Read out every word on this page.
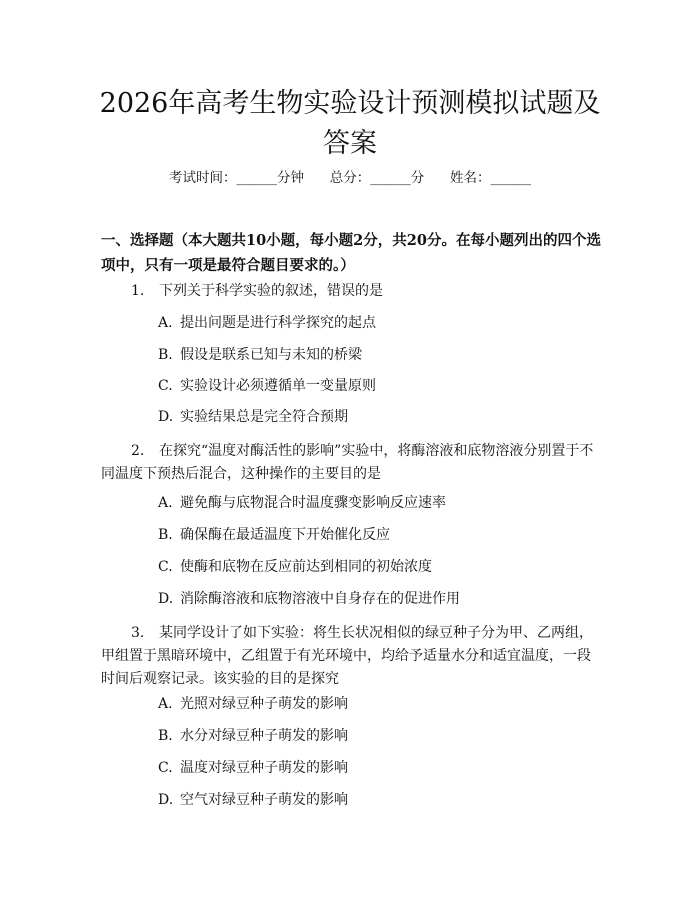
2026年高考生物实验设计预测模拟试题及答案
考试时间：______分钟 总分：______分 姓名：______
一、选择题（本大题共10小题，每小题2分，共20分。在每小题列出的四个选项中，只有一项是最符合题目要求的。）
1. 下列关于科学实验的叙述，错误的是
A. 提出问题是进行科学探究的起点
B. 假设是联系已知与未知的桥梁
C. 实验设计必须遵循单一变量原则
D. 实验结果总是完全符合预期
2. 在探究“温度对酶活性的影响”实验中，将酶溶液和底物溶液分别置于不同温度下预热后混合，这种操作的主要目的是
A. 避免酶与底物混合时温度骤变影响反应速率
B. 确保酶在最适温度下开始催化反应
C. 使酶和底物在反应前达到相同的初始浓度
D. 消除酶溶液和底物溶液中自身存在的促进作用
3. 某同学设计了如下实验：将生长状况相似的绿豆种子分为甲、乙两组，甲组置于黑暗环境中，乙组置于有光环境中，均给予适量水分和适宜温度，一段时间后观察记录。该实验的目的是探究
A. 光照对绿豆种子萌发的影响
B. 水分对绿豆种子萌发的影响
C. 温度对绿豆种子萌发的影响
D. 空气对绿豆种子萌发的影响
